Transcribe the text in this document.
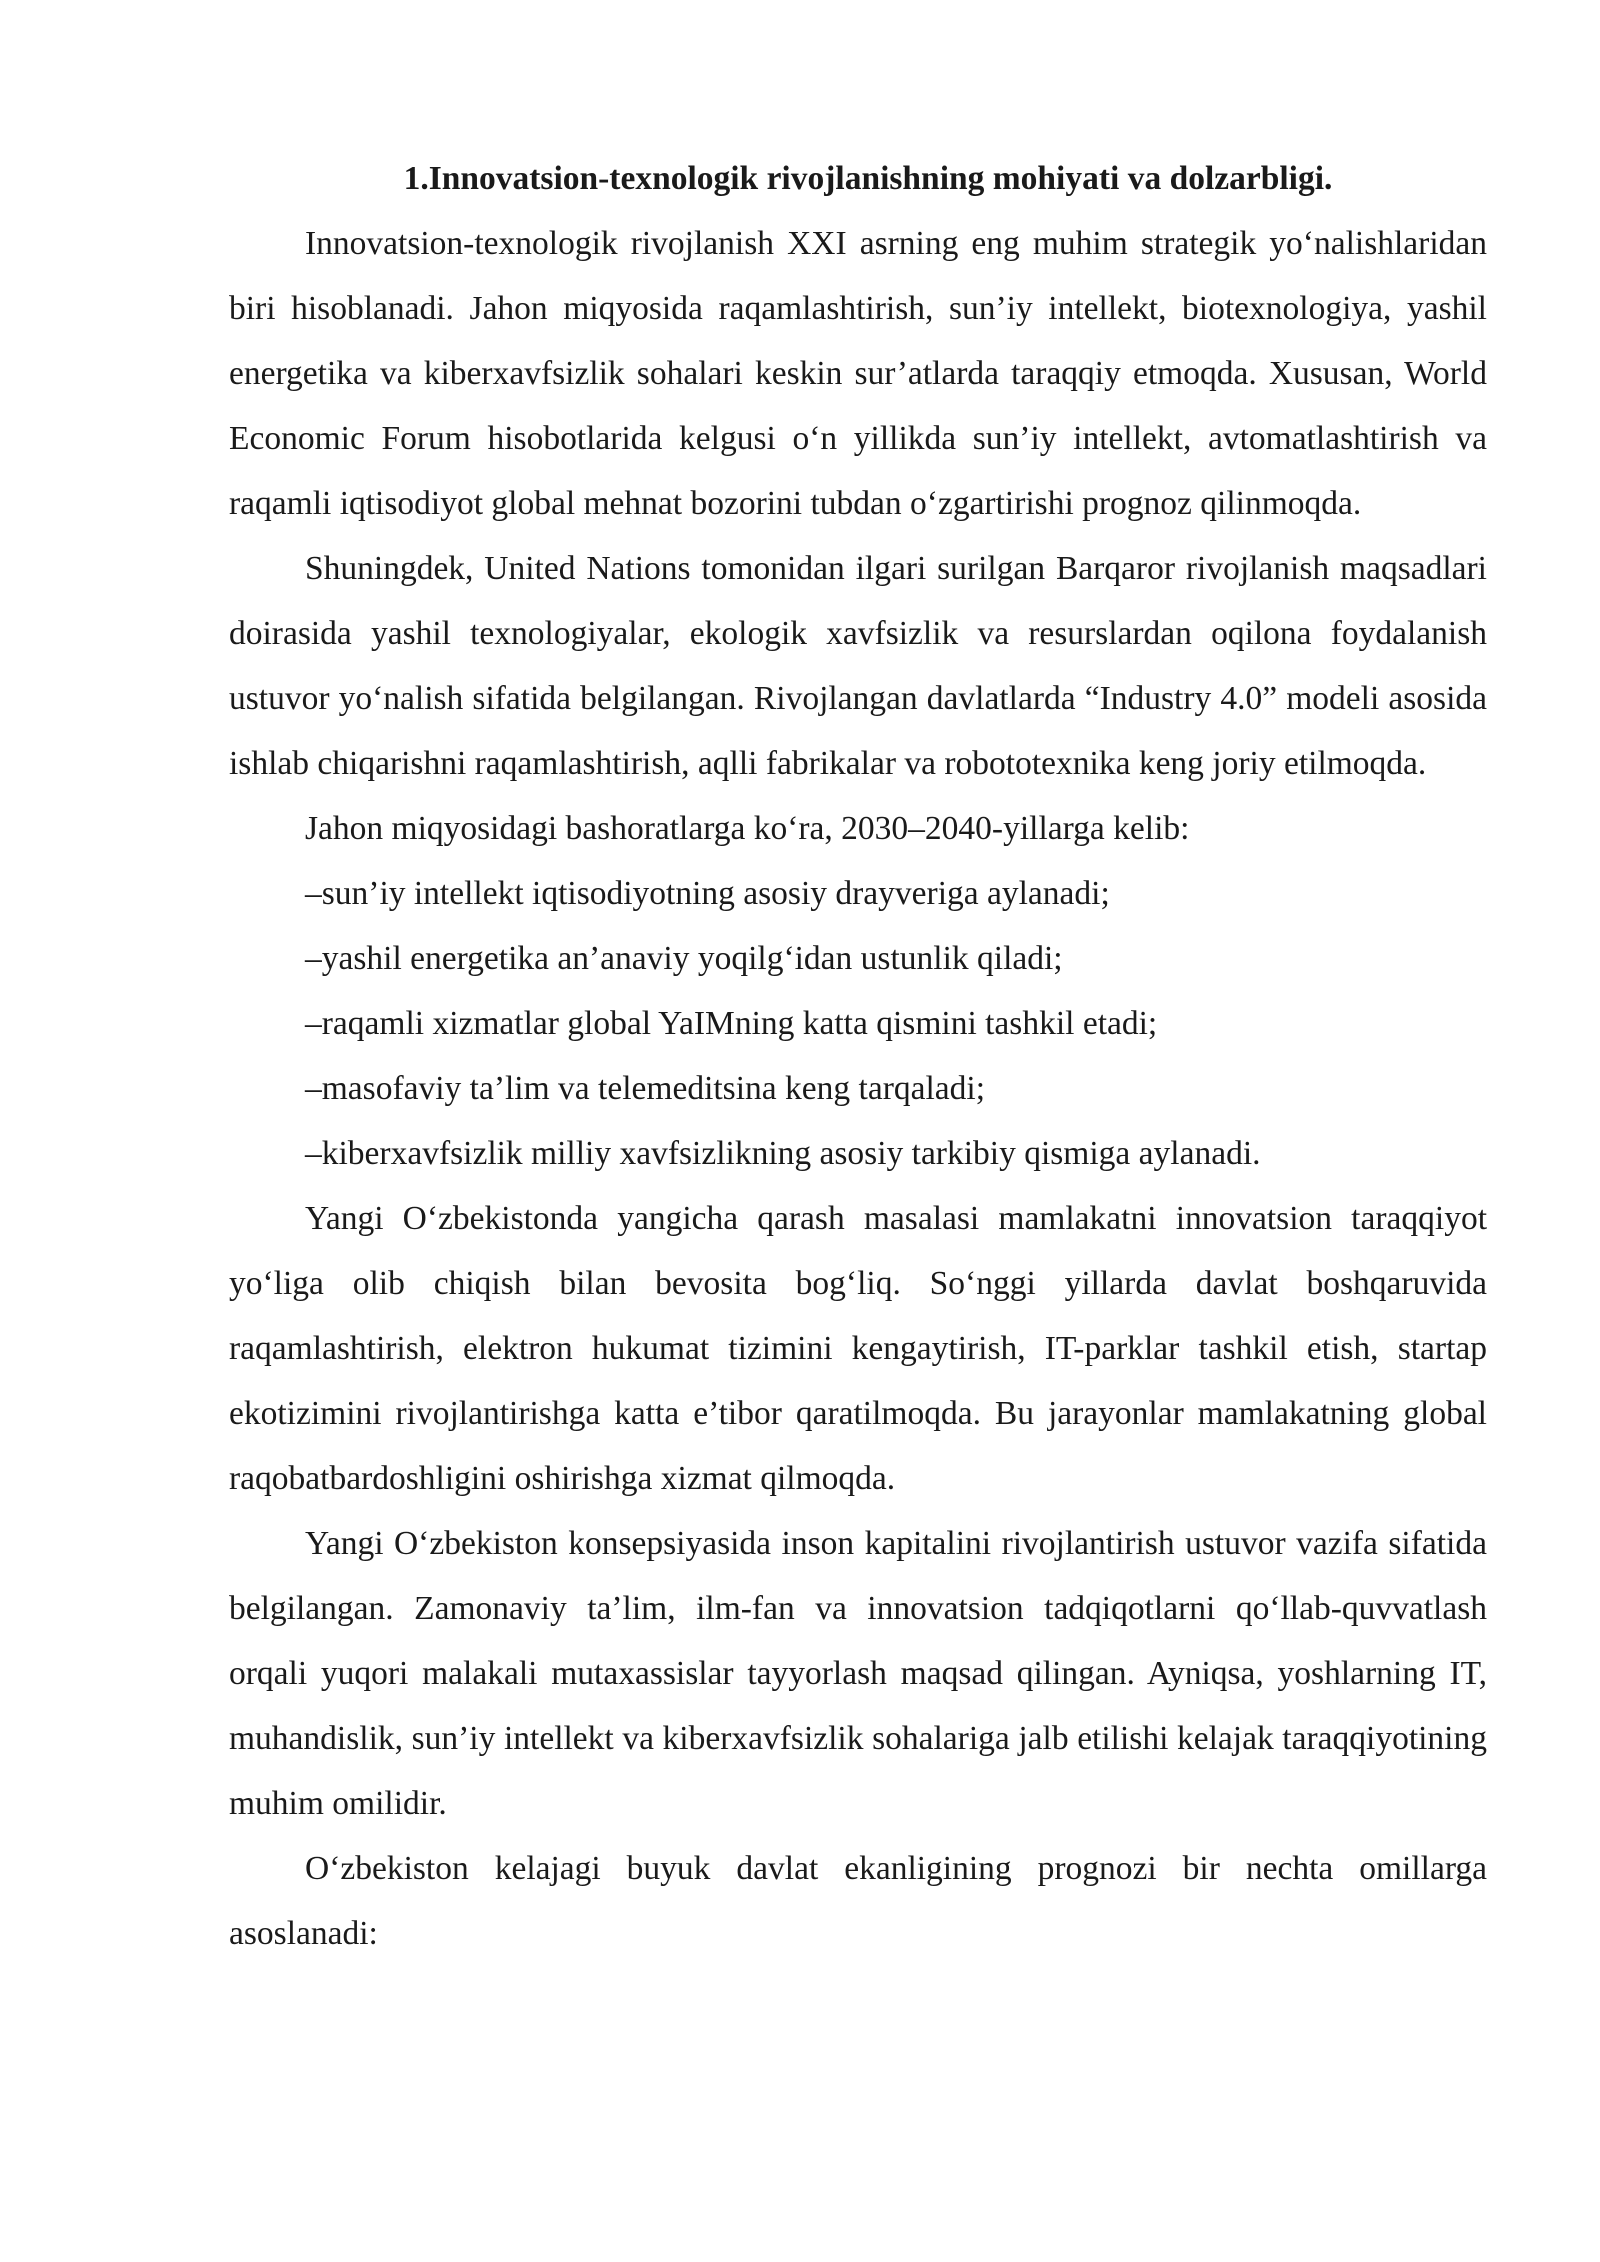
1.Innovatsion-texnologik rivojlanishning mohiyati va dolzarbligi.

Innovatsion-texnologik rivojlanish XXI asrning eng muhim strategik yo‘nalishlaridan biri hisoblanadi. Jahon miqyosida raqamlashtirish, sun’iy intellekt, biotexnologiya, yashil energetika va kiberxavfsizlik sohalari keskin sur’atlarda taraqqiy etmoqda. Xususan, World Economic Forum hisobotlarida kelgusi o‘n yillikda sun’iy intellekt, avtomatlashtirish va raqamli iqtisodiyot global mehnat bozorini tubdan o‘zgartirishi prognoz qilinmoqda.

Shuningdek, United Nations tomonidan ilgari surilgan Barqaror rivojlanish maqsadlari doirasida yashil texnologiyalar, ekologik xavfsizlik va resurslardan oqilona foydalanish ustuvor yo‘nalish sifatida belgilangan. Rivojlangan davlatlarda “Industry 4.0” modeli asosida ishlab chiqarishni raqamlashtirish, aqlli fabrikalar va robototexnika keng joriy etilmoqda.

Jahon miqyosidagi bashoratlarga ko‘ra, 2030–2040-yillarga kelib:

–sun’iy intellekt iqtisodiyotning asosiy drayveriga aylanadi;
–yashil energetika an’anaviy yoqilg‘idan ustunlik qiladi;
–raqamli xizmatlar global YaIMning katta qismini tashkil etadi;
–masofaviy ta’lim va telemeditsina keng tarqaladi;
–kiberxavfsizlik milliy xavfsizlikning asosiy tarkibiy qismiga aylanadi.

Yangi O‘zbekistonda yangicha qarash masalasi mamlakatni innovatsion taraqqiyot yo‘liga olib chiqish bilan bevosita bog‘liq. So‘nggi yillarda davlat boshqaruvida raqamlashtirish, elektron hukumat tizimini kengaytirish, IT-parklar tashkil etish, startap ekotizimini rivojlantirishga katta e’tibor qaratilmoqda. Bu jarayonlar mamlakatning global raqobatbardoshligini oshirishga xizmat qilmoqda.

Yangi O‘zbekiston konsepsiyasida inson kapitalini rivojlantirish ustuvor vazifa sifatida belgilangan. Zamonaviy ta’lim, ilm-fan va innovatsion tadqiqotlarni qo‘llab-quvvatlash orqali yuqori malakali mutaxassislar tayyorlash maqsad qilingan. Ayniqsa, yoshlarning IT, muhandislik, sun’iy intellekt va kiberxavfsizlik sohalariga jalb etilishi kelajak taraqqiyotining muhim omilidir.

O‘zbekiston kelajagi buyuk davlat ekanligining prognozi bir nechta omillarga asoslanadi:
